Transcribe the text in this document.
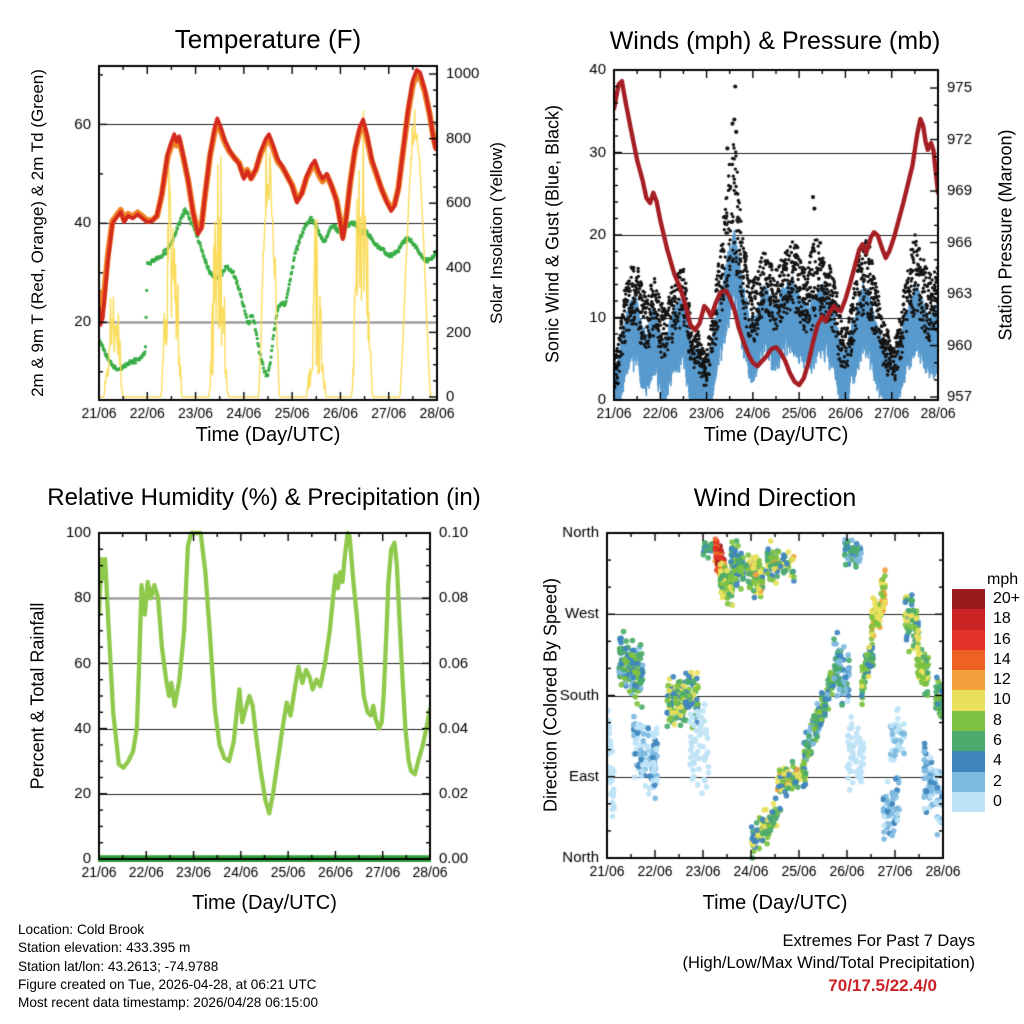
Temperature (F)	Winds (mph) & Pressure (mb)
Relative Humidity (%) & Precipitation (in)	Wind Direction
Time (Day/UTC)	Time (Day/UTC)
Time (Day/UTC)	Time (Day/UTC)
2m & 9m T (Red, Orange) & 2m Td (Green)	Solar Insolation (Yellow) Sonic Wind & Gust (Blue, Black)	Station Pressure (Maroon)
Percent & Total Rainfall	Direction (Colored By Speed)	mph
20+
18
16
14
12
10
8
6
4
2
0
Location: Cold Brook
Station elevation: 433.395 m
Station lat/lon: 43.2613; -74.9788
Figure created on Tue, 2026-04-28, at 06:21 UTC
Most recent data timestamp: 2026/04/28 06:15:00
Extremes For Past 7 Days
(High/Low/Max Wind/Total Precipitation)
70/17.5/22.4/0
